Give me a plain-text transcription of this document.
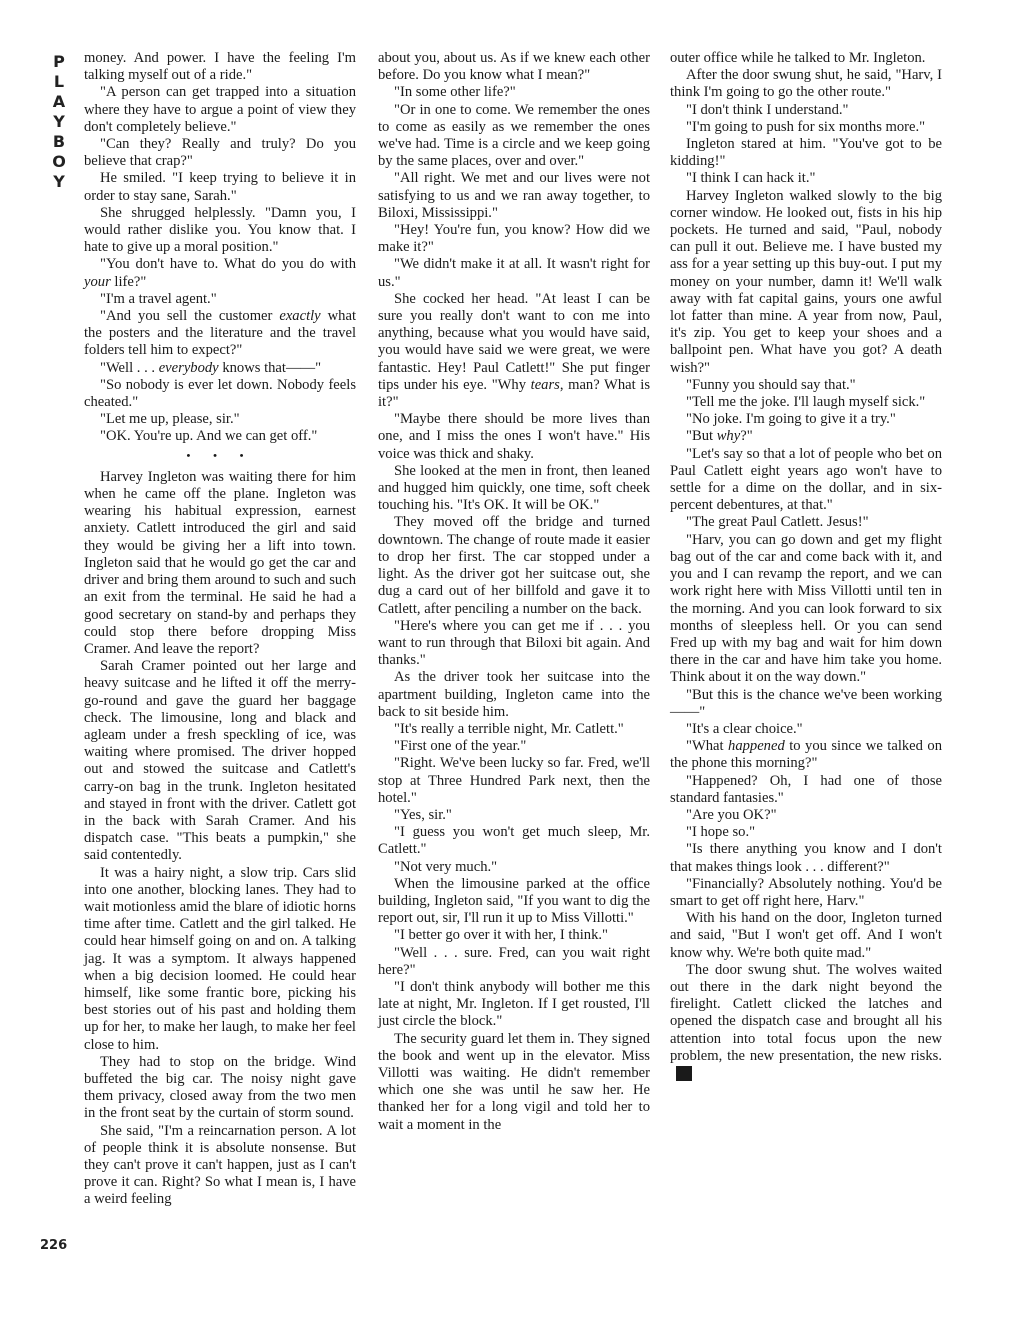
P
L
A
Y
B
O
Y

money. And power. I have the feeling I'm talking myself out of a ride."

"A person can get trapped into a situation where they have to argue a point of view they don't completely believe."

"Can they? Really and truly? Do you believe that crap?"

He smiled. "I keep trying to believe it in order to stay sane, Sarah."

She shrugged helplessly. "Damn you, I would rather dislike you. You know that. I hate to give up a moral position."

"You don't have to. What do you do with your life?"

"I'm a travel agent."

"And you sell the customer exactly what the posters and the literature and the travel folders tell him to expect?"

"Well . . . everybody knows that——"

"So nobody is ever let down. Nobody feels cheated."

"Let me up, please, sir."

"OK. You're up. And we can get off."

• • •

Harvey Ingleton was waiting there for him when he came off the plane. Ingleton was wearing his habitual expression, earnest anxiety. Catlett introduced the girl and said they would be giving her a lift into town. Ingleton said that he would go get the car and driver and bring them around to such and such an exit from the terminal. He said he had a good secretary on stand-by and perhaps they could stop there before dropping Miss Cramer. And leave the report?

Sarah Cramer pointed out her large and heavy suitcase and he lifted it off the merry-go-round and gave the guard her baggage check. The limousine, long and black and agleam under a fresh speckling of ice, was waiting where promised. The driver hopped out and stowed the suitcase and Catlett's carry-on bag in the trunk. Ingleton hesitated and stayed in front with the driver. Catlett got in the back with Sarah Cramer. And his dispatch case. "This beats a pumpkin," she said contentedly.

It was a hairy night, a slow trip. Cars slid into one another, blocking lanes. They had to wait motionless amid the blare of idiotic horns time after time. Catlett and the girl talked. He could hear himself going on and on. A talking jag. It was a symptom. It always happened when a big decision loomed. He could hear himself, like some frantic bore, picking his best stories out of his past and holding them up for her, to make her laugh, to make her feel close to him.

They had to stop on the bridge. Wind buffeted the big car. The noisy night gave them privacy, closed away from the two men in the front seat by the curtain of storm sound.

She said, "I'm a reincarnation person. A lot of people think it is absolute nonsense. But they can't prove it can't happen, just as I can't prove it can. Right? So what I mean is, I have a weird feeling

about you, about us. As if we knew each other before. Do you know what I mean?"

"In some other life?"

"Or in one to come. We remember the ones to come as easily as we remember the ones we've had. Time is a circle and we keep going by the same places, over and over."

"All right. We met and our lives were not satisfying to us and we ran away together, to Biloxi, Mississippi."

"Hey! You're fun, you know? How did we make it?"

"We didn't make it at all. It wasn't right for us."

She cocked her head. "At least I can be sure you really don't want to con me into anything, because what you would have said, you would have said we were great, we were fantastic. Hey! Paul Catlett!" She put finger tips under his eye. "Why tears, man? What is it?"

"Maybe there should be more lives than one, and I miss the ones I won't have." His voice was thick and shaky.

She looked at the men in front, then leaned and hugged him quickly, one time, soft cheek touching his. "It's OK. It will be OK."

They moved off the bridge and turned downtown. The change of route made it easier to drop her first. The car stopped under a light. As the driver got her suitcase out, she dug a card out of her billfold and gave it to Catlett, after penciling a number on the back.

"Here's where you can get me if . . . you want to run through that Biloxi bit again. And thanks."

As the driver took her suitcase into the apartment building, Ingleton came into the back to sit beside him.

"It's really a terrible night, Mr. Catlett."

"First one of the year."

"Right. We've been lucky so far. Fred, we'll stop at Three Hundred Park next, then the hotel."

"Yes, sir."

"I guess you won't get much sleep, Mr. Catlett."

"Not very much."

When the limousine parked at the office building, Ingleton said, "If you want to dig the report out, sir, I'll run it up to Miss Villotti."

"I better go over it with her, I think."

"Well . . . sure. Fred, can you wait right here?"

"I don't think anybody will bother me this late at night, Mr. Ingleton. If I get rousted, I'll just circle the block."

The security guard let them in. They signed the book and went up in the elevator. Miss Villotti was waiting. He didn't remember which one she was until he saw her. He thanked her for a long vigil and told her to wait a moment in the

outer office while he talked to Mr. Ingleton.

After the door swung shut, he said, "Harv, I think I'm going to go the other route."

"I don't think I understand."

"I'm going to push for six months more."

Ingleton stared at him. "You've got to be kidding!"

"I think I can hack it."

Harvey Ingleton walked slowly to the big corner window. He looked out, fists in his hip pockets. He turned and said, "Paul, nobody can pull it out. Believe me. I have busted my ass for a year setting up this buy-out. I put my money on your number, damn it! We'll walk away with fat capital gains, yours one awful lot fatter than mine. A year from now, Paul, it's zip. You get to keep your shoes and a ballpoint pen. What have you got? A death wish?"

"Funny you should say that."

"Tell me the joke. I'll laugh myself sick."

"No joke. I'm going to give it a try."

"But why?"

"Let's say so that a lot of people who bet on Paul Catlett eight years ago won't have to settle for a dime on the dollar, and in six-percent debentures, at that."

"The great Paul Catlett. Jesus!"

"Harv, you can go down and get my flight bag out of the car and come back with it, and you and I can revamp the report, and we can work right here with Miss Villotti until ten in the morning. And you can look forward to six months of sleepless hell. Or you can send Fred up with my bag and wait for him down there in the car and have him take you home. Think about it on the way down."

"But this is the chance we've been working——"

"It's a clear choice."

"What happened to you since we talked on the phone this morning?"

"Happened? Oh, I had one of those standard fantasies."

"Are you OK?"

"I hope so."

"Is there anything you know and I don't that makes things look . . . different?"

"Financially? Absolutely nothing. You'd be smart to get off right here, Harv."

With his hand on the door, Ingleton turned and said, "But I won't get off. And I won't know why. We're both quite mad."

The door swung shut. The wolves waited out there in the dark night beyond the firelight. Catlett clicked the latches and opened the dispatch case and brought all his attention into total focus upon the new problem, the new presentation, the new risks.✦

226
